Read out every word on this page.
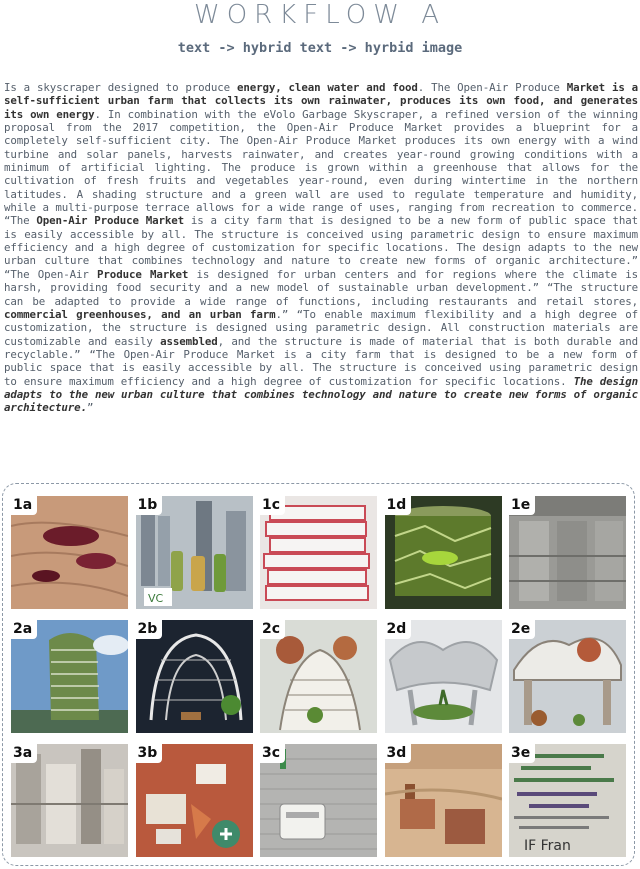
WORKFLOW A
text -> hybrid text -> hyrbid image
Is a skyscraper designed to produce energy, clean water and food. The Open-Air Produce Market is a self-sufficient urban farm that collects its own rainwater, produces its own food, and generates its own energy. In combination with the eVolo Garbage Skyscraper, a refined version of the winning proposal from the 2017 competition, the Open-Air Produce Market provides a blueprint for a completely self-sufficient city. The Open-Air Produce Market produces its own energy with a wind turbine and solar panels, harvests rainwater, and creates year-round growing conditions with a minimum of artificial lighting. The produce is grown within a greenhouse that allows for the cultivation of fresh fruits and vegetables year-round, even during wintertime in the northern latitudes. A shading structure and a green wall are used to regulate temperature and humidity, while a multi-purpose terrace allows for a wide range of uses, ranging from recreation to commerce. “The Open-Air Produce Market is a city farm that is designed to be a new form of public space that is easily accessible by all. The structure is conceived using parametric design to ensure maximum efficiency and a high degree of customization for specific locations. The design adapts to the new urban culture that combines technology and nature to create new forms of organic architecture.” “The Open-Air Produce Market is designed for urban centers and for regions where the climate is harsh, providing food security and a new model of sustainable urban development.” “The structure can be adapted to provide a wide range of functions, including restaurants and retail stores, commercial greenhouses, and an urban farm.” “To enable maximum flexibility and a high degree of customization, the structure is designed using parametric design. All construction materials are customizable and easily assembled, and the structure is made of material that is both durable and recyclable.” “The Open-Air Produce Market is a city farm that is designed to be a new form of public space that is easily accessible by all. The structure is conceived using parametric design to ensure maximum efficiency and a high degree of customization for specific locations. The design adapts to the new urban culture that combines technology and nature to create new forms of organic architecture.”
1a
VC
1b	1c	1d	1e
2a	2b	2c	2d	2e
3a	3b	3c	3d
IF Fran
3e
